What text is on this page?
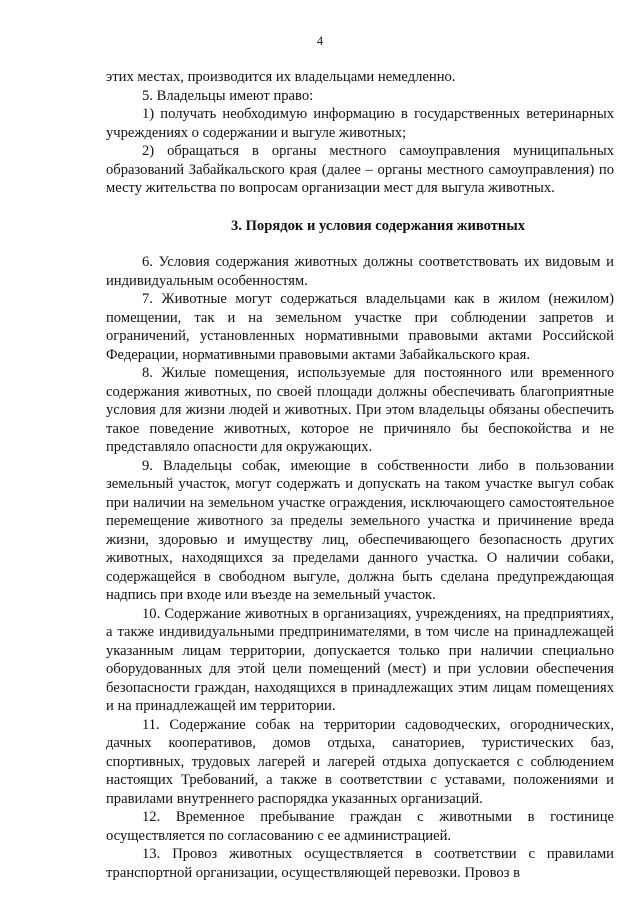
4

этих местах, производится их владельцами немедленно.

5. Владельцы имеют право:

1) получать необходимую информацию в государственных ветеринарных учреждениях о содержании и выгуле животных;

2) обращаться в органы местного самоуправления муниципальных образований Забайкальского края (далее – органы местного самоуправления) по месту жительства по вопросам организации мест для выгула животных.

3. Порядок и условия содержания животных

6. Условия содержания животных должны соответствовать их видовым и индивидуальным особенностям.

7. Животные могут содержаться владельцами как в жилом (нежилом) помещении, так и на земельном участке при соблюдении запретов и ограничений, установленных нормативными правовыми актами Российской Федерации, нормативными правовыми актами Забайкальского края.

8. Жилые помещения, используемые для постоянного или временного содержания животных, по своей площади должны обеспечивать благоприятные условия для жизни людей и животных. При этом владельцы обязаны обеспечить такое поведение животных, которое не причиняло бы беспокойства и не представляло опасности для окружающих.

9. Владельцы собак, имеющие в собственности либо в пользовании земельный участок, могут содержать и допускать на таком участке выгул собак при наличии на земельном участке ограждения, исключающего самостоятельное перемещение животного за пределы земельного участка и причинение вреда жизни, здоровью и имуществу лиц, обеспечивающего безопасность других животных, находящихся за пределами данного участка. О наличии собаки, содержащейся в свободном выгуле, должна быть сделана предупреждающая надпись при входе или въезде на земельный участок.

10. Содержание животных в организациях, учреждениях, на предприятиях, а также индивидуальными предпринимателями, в том числе на принадлежащей указанным лицам территории, допускается только при наличии специально оборудованных для этой цели помещений (мест) и при условии обеспечения безопасности граждан, находящихся в принадлежащих этим лицам помещениях и на принадлежащей им территории.

11. Содержание собак на территории садоводческих, огороднических, дачных кооперативов, домов отдыха, санаториев, туристических баз, спортивных, трудовых лагерей и лагерей отдыха допускается с соблюдением настоящих Требований, а также в соответствии с уставами, положениями и правилами внутреннего распорядка указанных организаций.

12. Временное пребывание граждан с животными в гостинице осуществляется по согласованию с ее администрацией.

13. Провоз животных осуществляется в соответствии с правилами транспортной организации, осуществляющей перевозки. Провоз в
